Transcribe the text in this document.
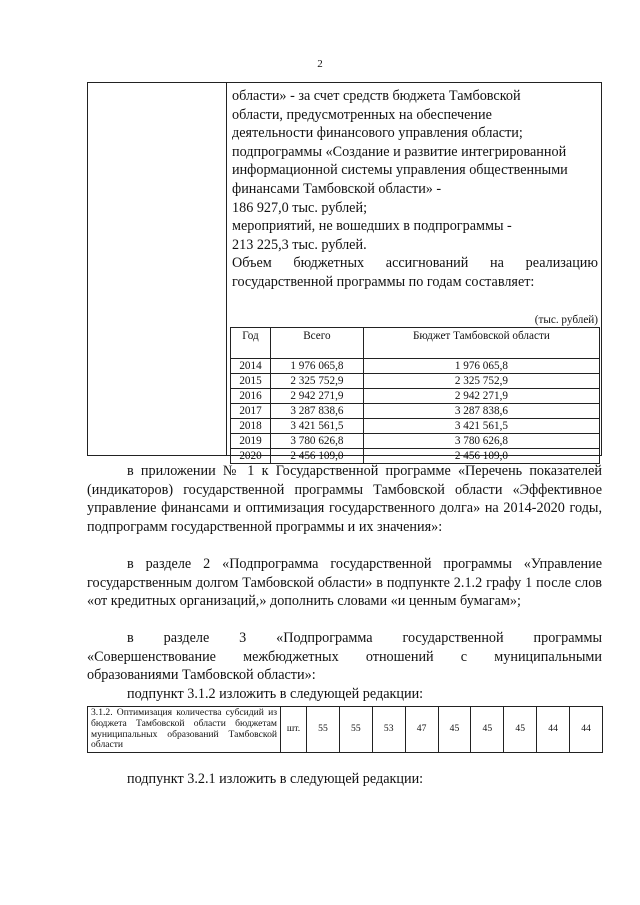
2

области» - за счет средств бюджета Тамбовской

области, предусмотренных на обеспечение

деятельности финансового управления области;

подпрограммы «Создание и развитие интегрированной

информационной системы управления общественными

финансами Тамбовской области» -

186 927,0 тыс. рублей;

мероприятий, не вошедших в подпрограммы -

213 225,3 тыс. рублей.

Объем бюджетных ассигнований на реализацию

государственной программы по годам составляет:

(тыс. рублей)

Год	Всего	Бюджет Тамбовской области
2014	1 976 065,8	1 976 065,8
2015	2 325 752,9	2 325 752,9
2016	2 942 271,9	2 942 271,9
2017	3 287 838,6	3 287 838,6
2018	3 421 561,5	3 421 561,5
2019	3 780 626,8	3 780 626,8
2020	2 456 109,0	2 456 109,0

в приложении № 1 к Государственной программе «Перечень показателей (индикаторов) государственной программы Тамбовской области «Эффективное управление финансами и оптимизация государственного долга» на 2014-2020 годы, подпрограмм государственной программы и их значения»:

в разделе 2 «Подпрограмма государственной программы «Управление государственным долгом Тамбовской области» в подпункте 2.1.2 графу 1 после слов «от кредитных организаций,» дополнить словами «и ценным бумагам»;

в разделе 3 «Подпрограмма государственной программы «Совершенствование межбюджетных отношений с муниципальными образованиями Тамбовской области»:

подпункт 3.1.2 изложить в следующей редакции:

3.1.2. Оптимизация количества субсидий из бюджета Тамбовской области бюджетам муниципальных образований Тамбовской области	шт.	55	55	53	47	45	45	45	44	44

подпункт 3.2.1 изложить в следующей редакции:
